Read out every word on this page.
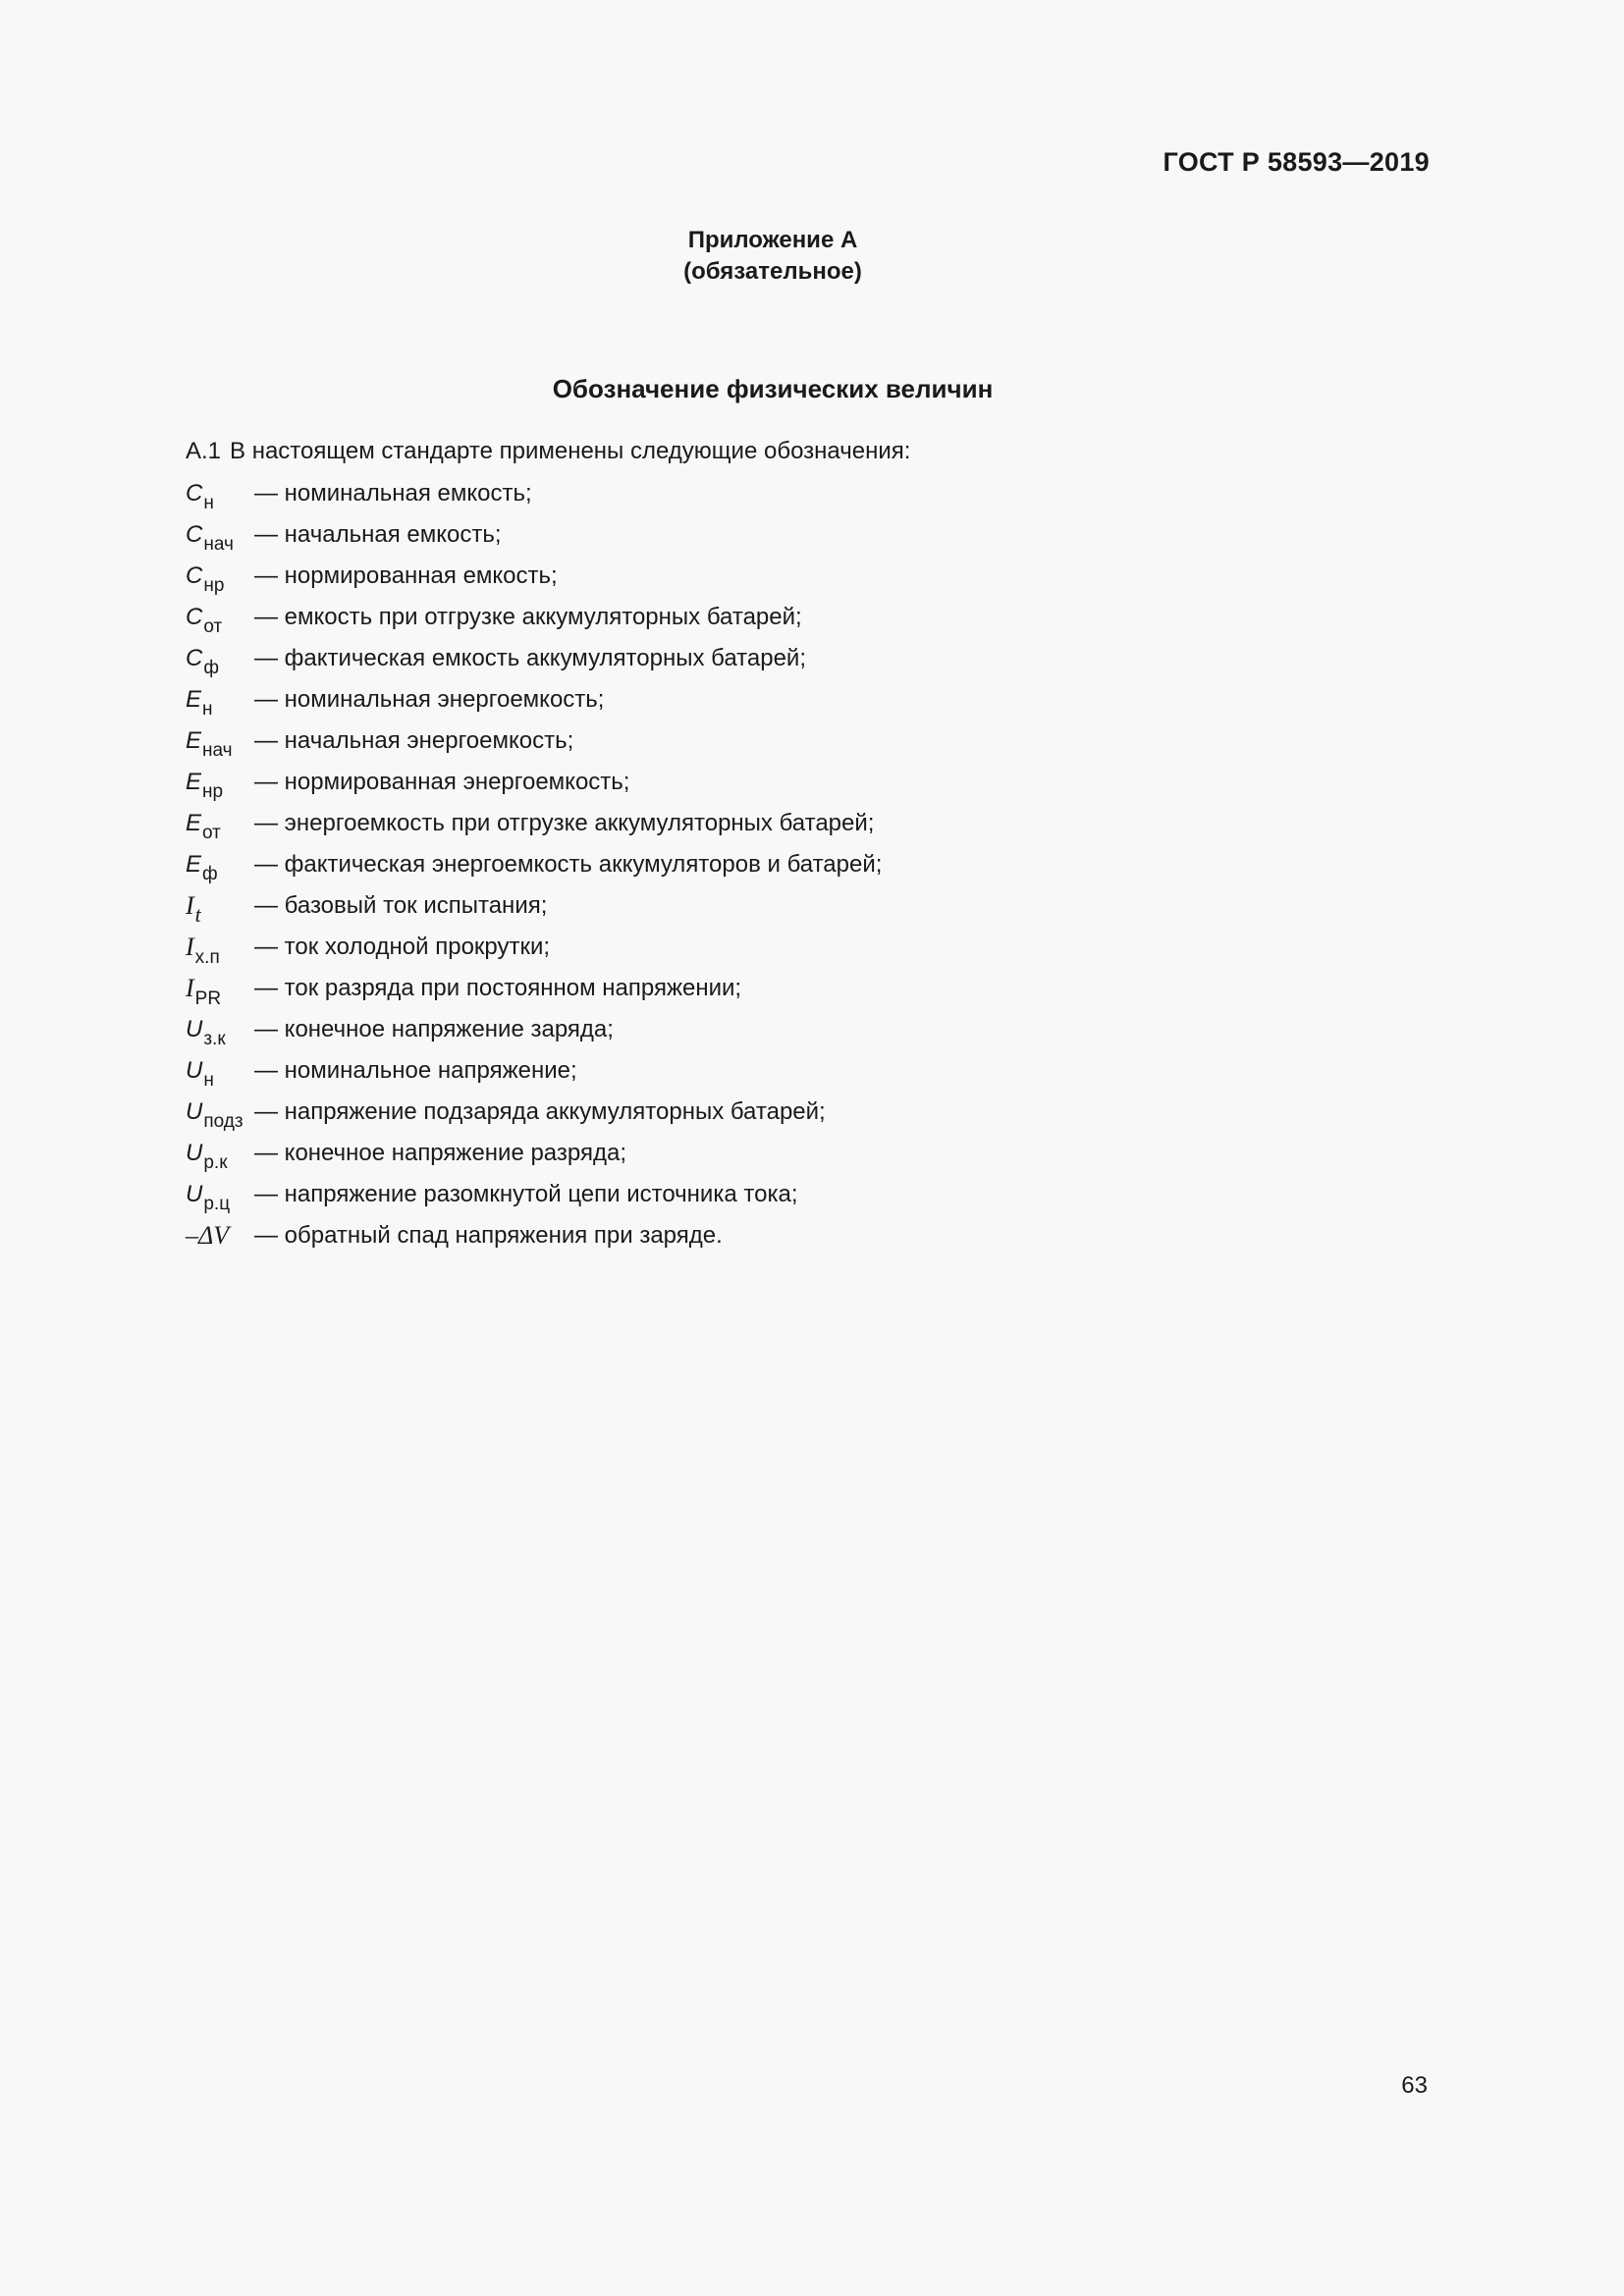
ГОСТ Р 58593—2019
Приложение А
(обязательное)
Обозначение физических величин
А.1 В настоящем стандарте применены следующие обозначения:
$C_н$	— номинальная емкость;
$C_{нач}$ — начальная емкость;
$C_{нр}$	— нормированная емкость;
$C_{от}$	— емкость при отгрузке аккумуляторных батарей;
$C_ф$	— фактическая емкость аккумуляторных батарей;
$E_н$	— номинальная энергоемкость;
$E_{нач}$ — начальная энергоемкость;
$E_{нр}$	— нормированная энергоемкость;
$E_{от}$	— энергоемкость при отгрузке аккумуляторных батарей;
$E_ф$	— фактическая энергоемкость аккумуляторов и батарей;
$I_t$	— базовый ток испытания;
$I_{х.п}$	— ток холодной прокрутки;
$I_{PR}$	— ток разряда при постоянном напряжении;
$U_{з.к}$	— конечное напряжение заряда;
$U_н$	— номинальное напряжение;
$U_{подз}$ — напряжение подзаряда аккумуляторных батарей;
$U_{р.к}$	— конечное напряжение разряда;
$U_{р.ц}$	— напряжение разомкнутой цепи источника тока;
–ΔV	— обратный спад напряжения при заряде.
63
